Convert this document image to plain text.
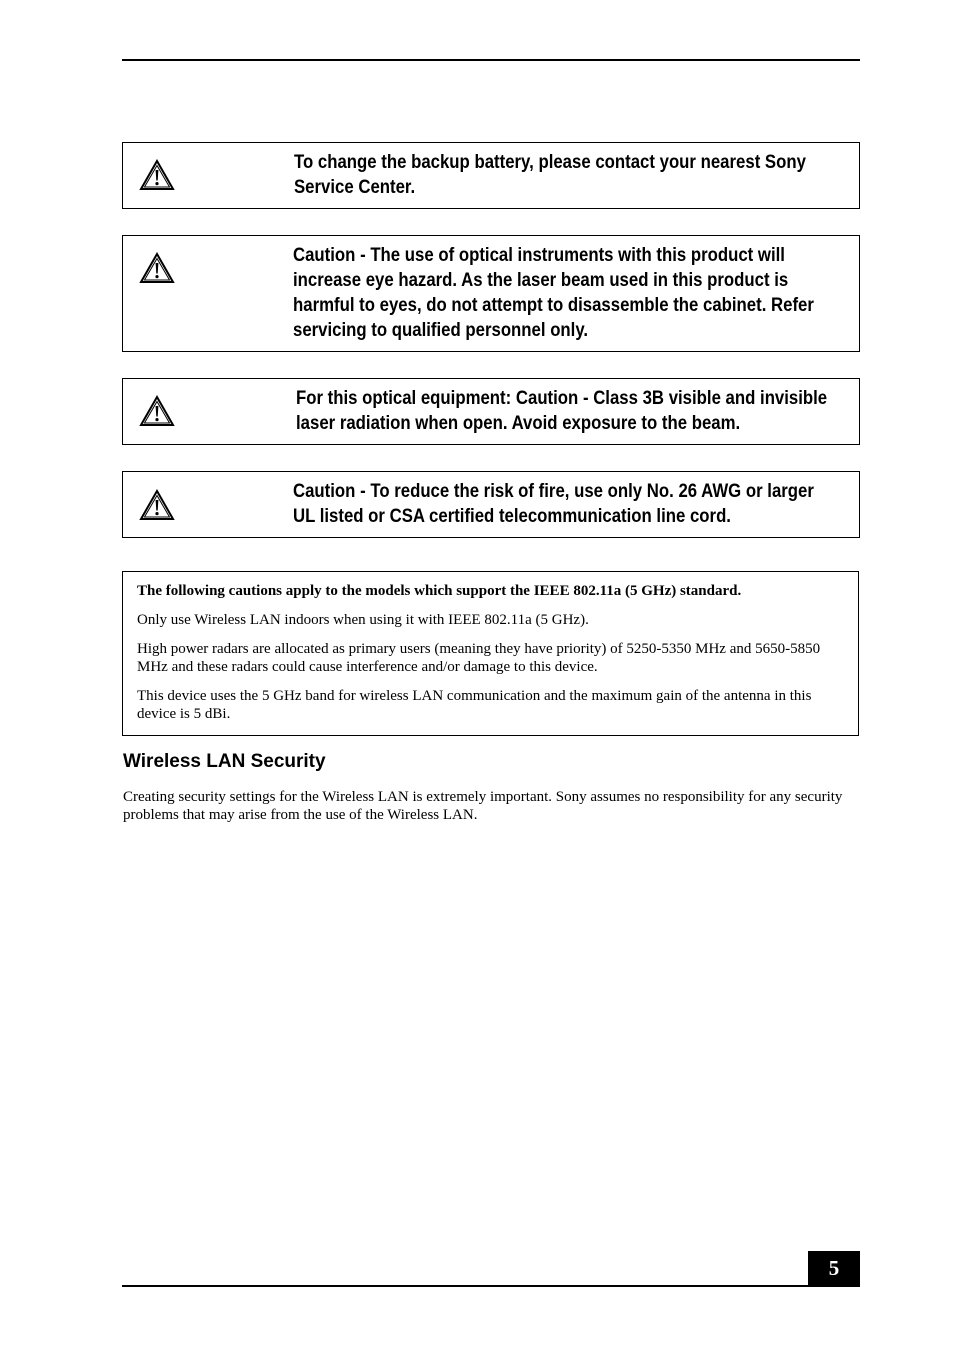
To change the backup battery, please contact your nearest Sony
Service Center.
Caution - The use of optical instruments with this product will
increase eye hazard. As the laser beam used in this product is
harmful to eyes, do not attempt to disassemble the cabinet. Refer
servicing to qualified personnel only.
For this optical equipment: Caution - Class 3B visible and invisible
laser radiation when open. Avoid exposure to the beam.
Caution - To reduce the risk of fire, use only No. 26 AWG or larger
UL listed or CSA certified telecommunication line cord.

The following cautions apply to the models which support the IEEE 802.11a (5 GHz) standard.

Only use Wireless LAN indoors when using it with IEEE 802.11a (5 GHz).

High power radars are allocated as primary users (meaning they have priority) of 5250-5350 MHz and 5650-5850 MHz and these radars could cause interference and/or damage to this device.

This device uses the 5 GHz band for wireless LAN communication and the maximum gain of the antenna in this device is 5 dBi.

Wireless LAN Security

Creating security settings for the Wireless LAN is extremely important. Sony assumes no responsibility for any security problems that may arise from the use of the Wireless LAN.

5
